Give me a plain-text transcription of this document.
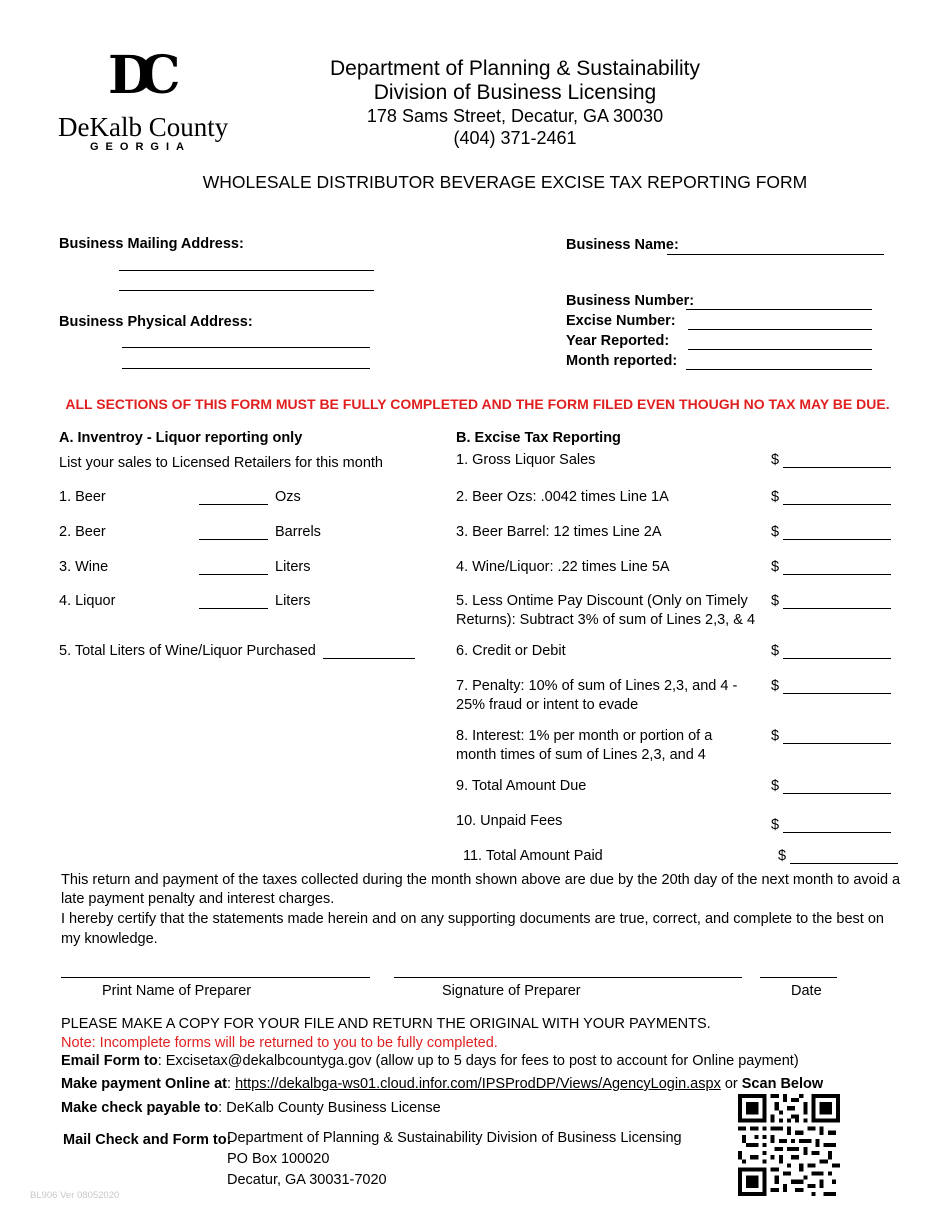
DC
DeKalb County
GEORGIA
Department of Planning & Sustainability
Division of Business Licensing
178 Sams Street, Decatur, GA 30030
(404) 371-2461
WHOLESALE DISTRIBUTOR BEVERAGE EXCISE TAX REPORTING FORM
Business Mailing Address:
Business Physical Address:
Business Name:
Business Number:
Excise Number:
Year Reported:
Month reported:
ALL SECTIONS OF THIS FORM MUST BE FULLY COMPLETED AND THE FORM FILED EVEN THOUGH NO TAX MAY BE DUE.
A. Inventroy - Liquor reporting only
List your sales to Licensed Retailers for this month
1. Beer	Ozs
2. Beer	Barrels
3. Wine	Liters
4. Liquor	Liters
5. Total Liters of Wine/Liquor Purchased
B. Excise Tax Reporting
1. Gross Liquor Sales	$
2. Beer Ozs: .0042 times Line 1A	$
3. Beer Barrel: 12 times Line 2A	$
4. Wine/Liquor: .22 times Line 5A	$
5. Less Ontime Pay Discount (Only on Timely
Returns): Subtract 3% of sum of Lines 2,3, & 4
$
6. Credit or Debit	$
7. Penalty: 10% of sum of Lines 2,3, and 4 -
25% fraud or intent to evade
$
8. Interest: 1% per month or portion of a
month times of sum of Lines 2,3, and 4
$
9. Total Amount Due	$
10. Unpaid Fees	$
11. Total Amount Paid	$
This return and payment of the taxes collected during the month shown above are due by the 20th day of the next month to avoid a
late payment penalty and interest charges.
I hereby certify that the statements made herein and on any supporting documents are true, correct, and complete to the best on
my knowledge.
Print Name of Preparer	Signature of Preparer	Date
PLEASE MAKE A COPY FOR YOUR FILE AND RETURN THE ORIGINAL WITH YOUR PAYMENTS.
Note: Incomplete forms will be returned to you to be fully completed.
Email Form to: Excisetax@dekalbcountyga.gov (allow up to 5 days for fees to post to account for Online payment)
Make payment Online at: https://dekalbga-ws01.cloud.infor.com/IPSProdDP/Views/AgencyLogin.aspx or Scan Below
Make check payable to: DeKalb County Business License
Mail Check and Form to:
Department of Planning & Sustainability Division of Business Licensing
PO Box 100020
Decatur, GA 30031-7020
BL906 Ver 08052020
